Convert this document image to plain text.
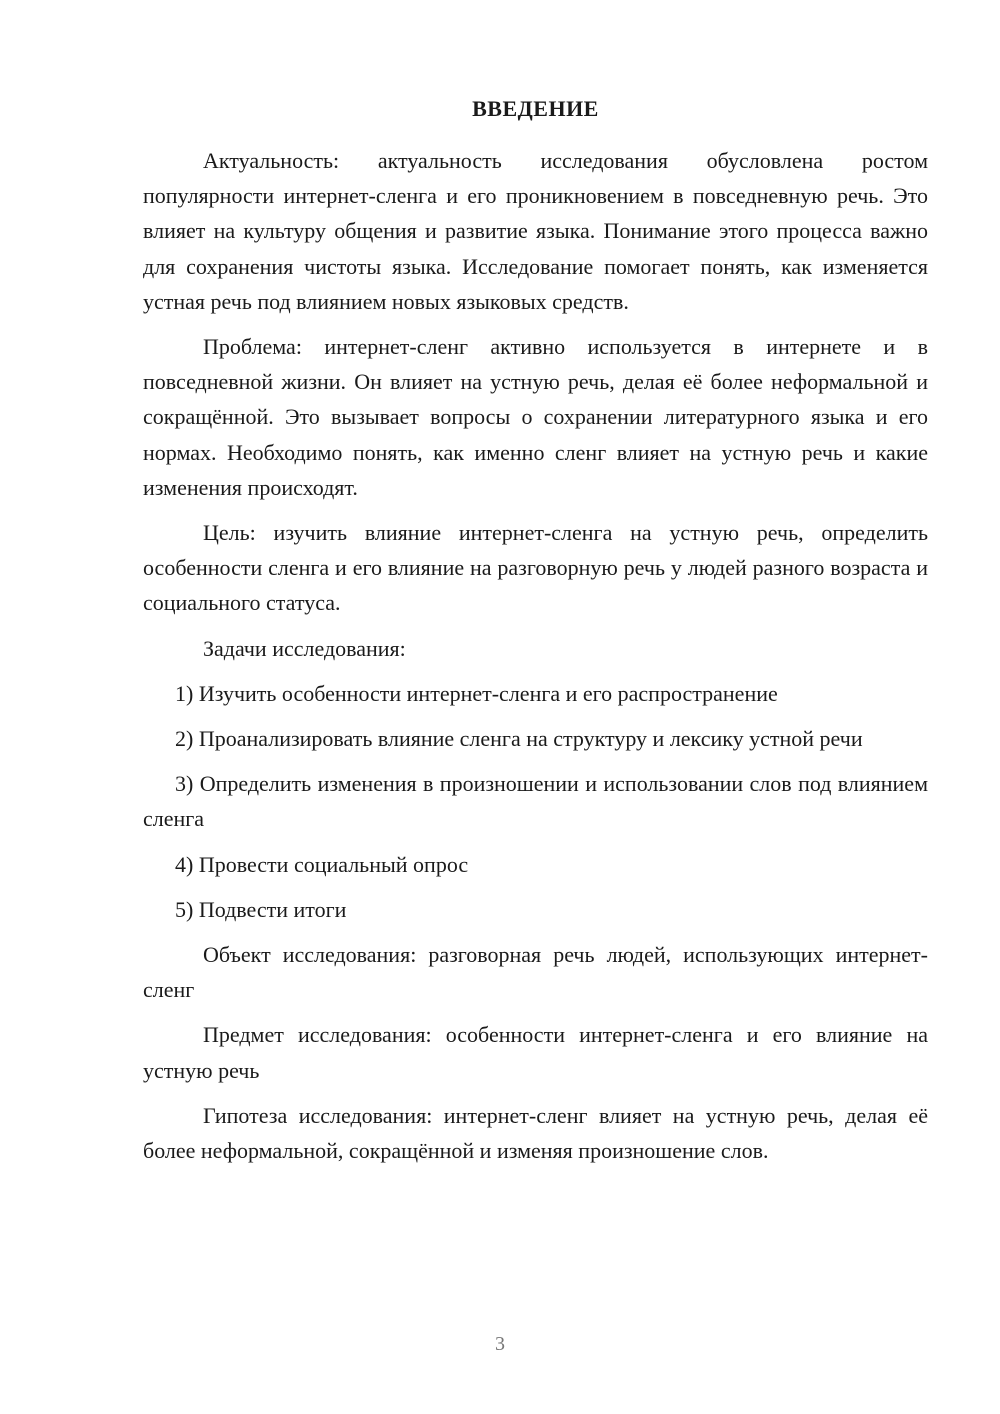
ВВЕДЕНИЕ

Актуальность: актуальность исследования обусловлена ростом популярности интернет-сленга и его проникновением в повседневную речь. Это влияет на культуру общения и развитие языка. Понимание этого процесса важно для сохранения чистоты языка. Исследование помогает понять, как изменяется устная речь под влиянием новых языковых средств.

Проблема: интернет-сленг активно используется в интернете и в повседневной жизни. Он влияет на устную речь, делая её более неформальной и сокращённой. Это вызывает вопросы о сохранении литературного языка и его нормах. Необходимо понять, как именно сленг влияет на устную речь и какие изменения происходят.

Цель: изучить влияние интернет-сленга на устную речь, определить особенности сленга и его влияние на разговорную речь у людей разного возраста и социального статуса.

Задачи исследования:

1) Изучить особенности интернет-сленга и его распространение

2) Проанализировать влияние сленга на структуру и лексику устной речи

3) Определить изменения в произношении и использовании слов под влиянием сленга

4) Провести социальный опрос

5) Подвести итоги

Объект исследования: разговорная речь людей, использующих интернет-сленг

Предмет исследования: особенности интернет-сленга и его влияние на устную речь

Гипотеза исследования: интернет-сленг влияет на устную речь, делая её более неформальной, сокращённой и изменяя произношение слов.

3
